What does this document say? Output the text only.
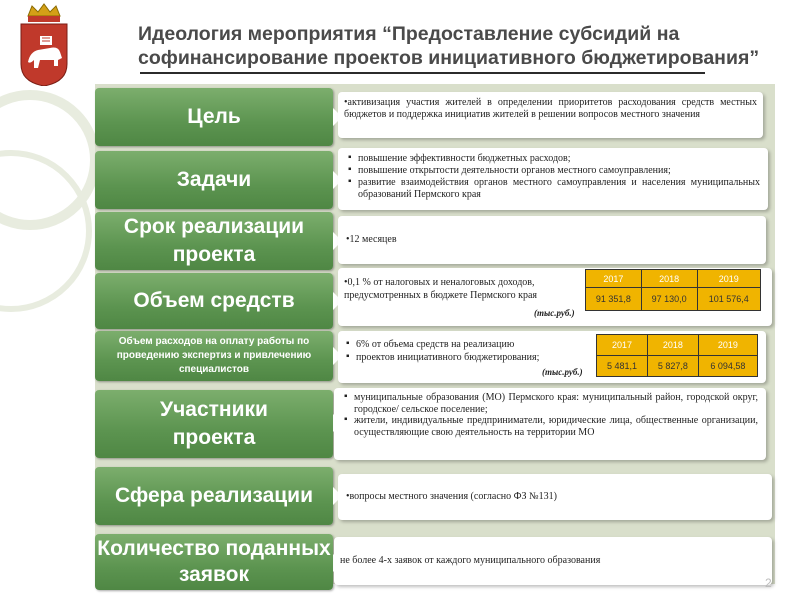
Идеология мероприятия “Предоставление субсидий на софинансирование проектов инициативного бюджетирования”
Цель
•активизация участия жителей в определении приоритетов расходования средств местных бюджетов и поддержка инициатив жителей в решении вопросов местного значения
Задачи
▪ повышение эффективности бюджетных расходов;
▪ повышение открытости деятельности органов местного самоуправления;
▪ развитие взаимодействия органов местного самоуправления и населения муниципальных образований Пермского края
Срок реализации проекта
•12 месяцев
Объем средств
•0,1 % от налоговых и неналоговых доходов, предусмотренных в бюджете Пермского края
(тыс.руб.)
2017	2018	2019
91 351,8	97 130,0	101 576,4
Объем расходов на оплату работы по проведению экспертиз и привлечению специалистов
▪ 6% от объема средств на реализацию
▪ проектов инициативного бюджетирования;
(тыс.руб.)
2017	2018	2019
5 481,1	5 827,8	6 094,58
Участники проекта
▪ муниципальные образования (МО) Пермского края: муниципальный район, городской округ, городское/ сельское поселение;
▪ жители, индивидуальные предприниматели, юридические лица, общественные организации, осуществляющие свою деятельность на территории МО
Сфера реализации	•вопросы местного значения (согласно ФЗ №131)
Количество поданных заявок
не более 4-х заявок от каждого муниципального образования
2
